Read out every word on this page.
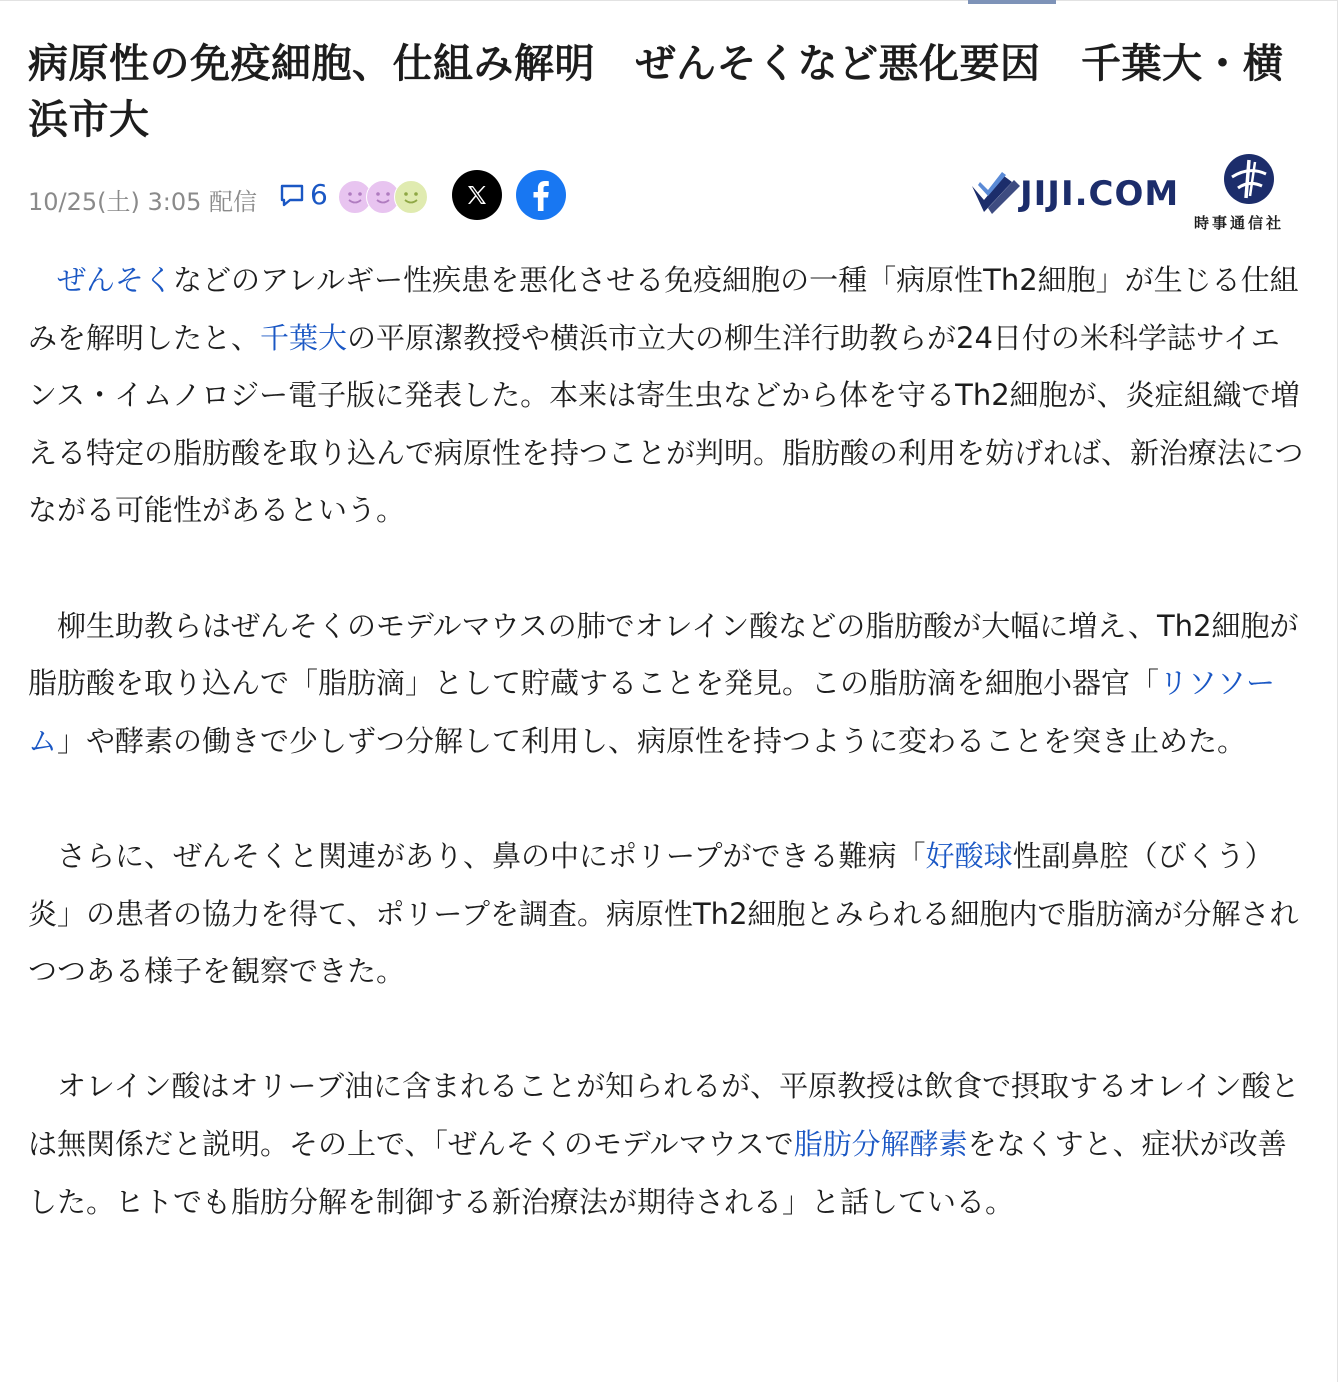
病原性の免疫細胞、仕組み解明　ぜんそくなど悪化要因　千葉大・横浜市大
10/25(土) 3:05 配信 6	JIJI.COM
時事通信社

ぜんそくなどのアレルギー性疾患を悪化させる免疫細胞の一種「病原性Th2細胞」が生じる仕組みを解明したと、千葉大の平原潔教授や横浜市立大の柳生洋行助教らが24日付の米科学誌サイエンス・イムノロジー電子版に発表した。本来は寄生虫などから体を守るTh2細胞が、炎症組織で増える特定の脂肪酸を取り込んで病原性を持つことが判明。脂肪酸の利用を妨げれば、新治療法につながる可能性があるという。

柳生助教らはぜんそくのモデルマウスの肺でオレイン酸などの脂肪酸が大幅に増え、Th2細胞が脂肪酸を取り込んで「脂肪滴」として貯蔵することを発見。この脂肪滴を細胞小器官「リソソーム」や酵素の働きで少しずつ分解して利用し、病原性を持つように変わることを突き止めた。

さらに、ぜんそくと関連があり、鼻の中にポリープができる難病「好酸球性副鼻腔（びくう）炎」の患者の協力を得て、ポリープを調査。病原性Th2細胞とみられる細胞内で脂肪滴が分解されつつある様子を観察できた。

オレイン酸はオリーブ油に含まれることが知られるが、平原教授は飲食で摂取するオレイン酸とは無関係だと説明。その上で、「ぜんそくのモデルマウスで脂肪分解酵素をなくすと、症状が改善した。ヒトでも脂肪分解を制御する新治療法が期待される」と話している。
